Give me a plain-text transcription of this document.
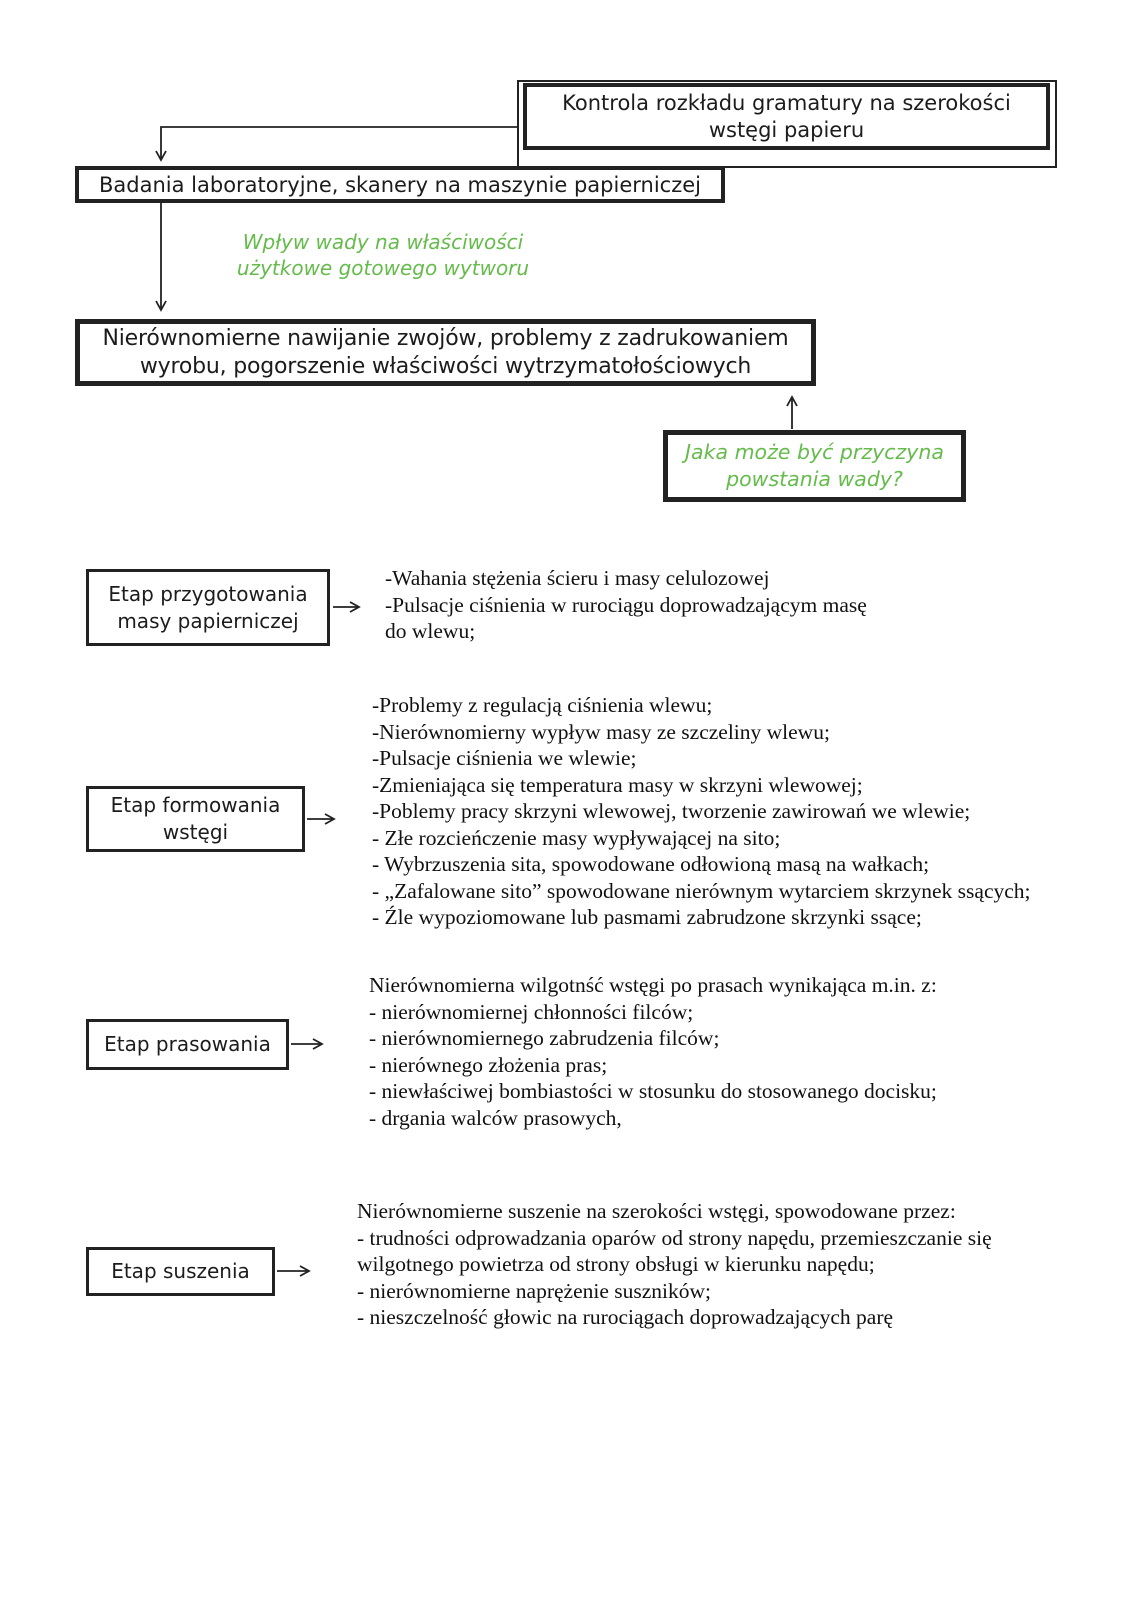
Kontrola rozkładu gramatury na szerokości
wstęgi papieru
Badania laboratoryjne, skanery na maszynie papierniczej
Wpływ wady na właściwości
użytkowe gotowego wytworu
Nierównomierne nawijanie zwojów, problemy z zadrukowaniem
wyrobu, pogorszenie właściwości wytrzymatołościowych
Jaka może być przyczyna
powstania wady?
Etap przygotowania
masy papierniczej
-Wahania stężenia ścieru i masy celulozowej
-Pulsacje ciśnienia w rurociągu doprowadzającym masę
do wlewu;
Etap formowania
wstęgi
-Problemy z regulacją ciśnienia wlewu;
-Nierównomierny wypływ masy ze szczeliny wlewu;
-Pulsacje ciśnienia we wlewie;
-Zmieniająca się temperatura masy w skrzyni wlewowej;
-Poblemy pracy skrzyni wlewowej, tworzenie zawirowań we wlewie;
- Złe rozcieńczenie masy wypływającej na sito;
- Wybrzuszenia sita, spowodowane odłowioną masą na wałkach;
- „Zafalowane sito” spowodowane nierównym wytarciem skrzynek ssących;
- Źle wypoziomowane lub pasmami zabrudzone skrzynki ssące;
Etap prasowania
Nierównomierna wilgotnść wstęgi po prasach wynikająca m.in. z:
- nierównomiernej chłonności filców;
- nierównomiernego zabrudzenia filców;
- nierównego złożenia pras;
- niewłaściwej bombiastości w stosunku do stosowanego docisku;
- drgania walców prasowych,
Etap suszenia
Nierównomierne suszenie na szerokości wstęgi, spowodowane przez:
- trudności odprowadzania oparów od strony napędu, przemieszczanie się
wilgotnego powietrza od strony obsługi w kierunku napędu;
- nierównomierne naprężenie suszników;
- nieszczelność głowic na rurociągach doprowadzających parę
